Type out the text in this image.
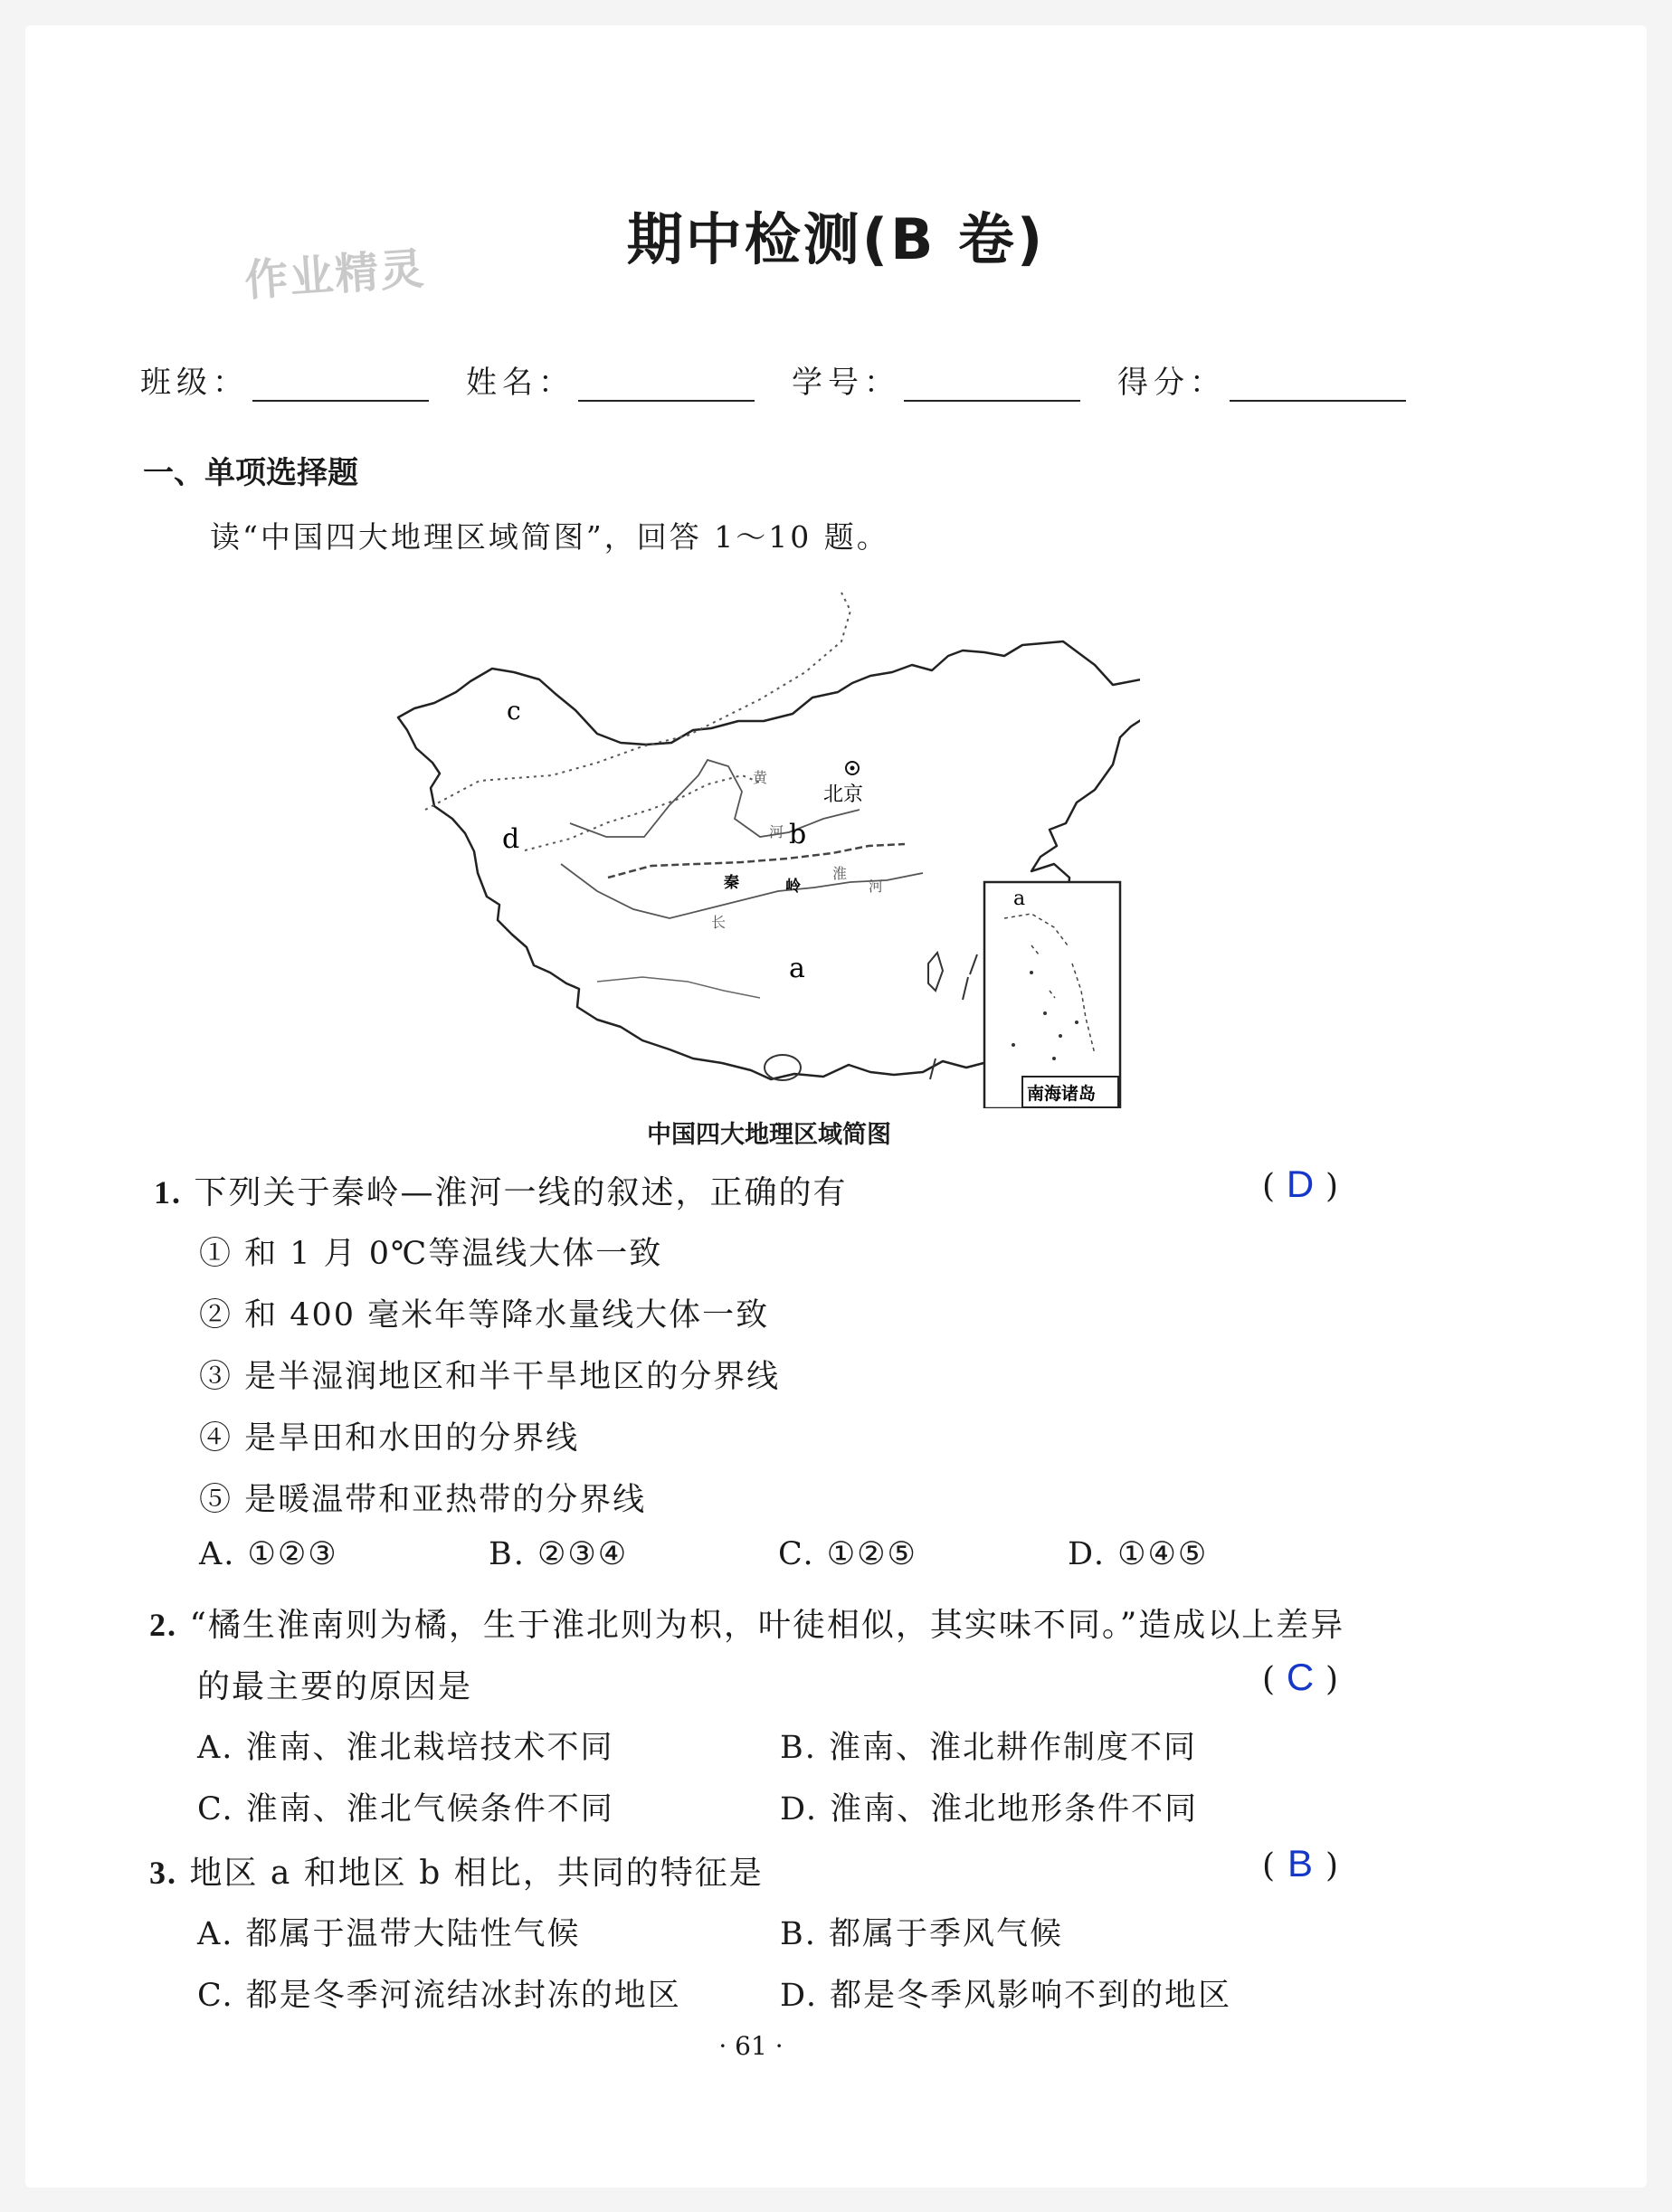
作业精灵
期中检测(B 卷)
班级：	姓名：	学号：	得分：
一、单项选择题
读“中国四大地理区域简图”，回答 1～10 题。
c
d	b
a
北京
黄
河
淮
河
长
秦	岭
a
南海诸岛
中国四大地理区域简图
1. 下列关于秦岭—淮河一线的叙述，正确的有	( D )
① 和 1 月 0℃等温线大体一致
② 和 400 毫米年等降水量线大体一致
③ 是半湿润地区和半干旱地区的分界线
④ 是旱田和水田的分界线
⑤ 是暖温带和亚热带的分界线
A. ①②③	B. ②③④	C. ①②⑤	D. ①④⑤
2. “橘生淮南则为橘，生于淮北则为枳，叶徒相似，其实味不同。”造成以上差异
的最主要的原因是	( C )
A. 淮南、淮北栽培技术不同	B. 淮南、淮北耕作制度不同
C. 淮南、淮北气候条件不同	D. 淮南、淮北地形条件不同
3. 地区 a 和地区 b 相比，共同的特征是	( B )
A. 都属于温带大陆性气候	B. 都属于季风气候
C. 都是冬季河流结冰封冻的地区	D. 都是冬季风影响不到的地区
· 61 ·
